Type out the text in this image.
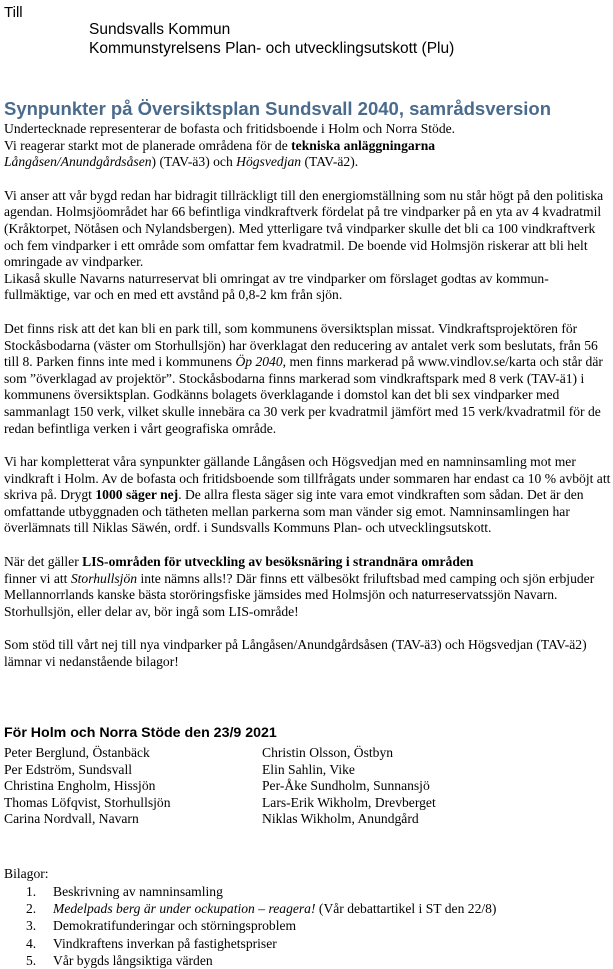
Till
Sundsvalls Kommun
Kommunstyrelsens Plan- och utvecklingsutskott (Plu)
Synpunkter på Översiktsplan Sundsvall 2040, samrådsversion

Undertecknade representerar de bofasta och fritidsboende i Holm och Norra Stöde.
Vi reagerar starkt mot de planerade områdena för de tekniska anläggningarna
Långåsen/Anundgårdsåsen) (TAV-ä3) och Högsvedjan (TAV-ä2).

Vi anser att vår bygd redan har bidragit tillräckligt till den energiomställning som nu står högt på den politiska agendan. Holmsjöområdet har 66 befintliga vindkraftverk fördelat på tre vindparker på en yta av 4 kvadratmil (Kråktorpet, Nötåsen och Nylandsbergen). Med ytterligare två vindparker skulle det bli ca 100 vindkraftverk och fem vindparker i ett område som omfattar fem kvadratmil. De boende vid Holmsjön riskerar att bli helt omringade av vindparker.
Likaså skulle Navarns naturreservat bli omringat av tre vindparker om förslaget godtas av kommun-fullmäktige, var och en med ett avstånd på 0,8-2 km från sjön.

Det finns risk att det kan bli en park till, som kommunens översiktsplan missat. Vindkraftsprojektören för Stockåsbodarna (väster om Storhullsjön) har överklagat den reducering av antalet verk som beslutats, från 56 till 8. Parken finns inte med i kommunens Öp 2040, men finns markerad på www.vindlov.se/karta och står där som ”överklagad av projektör”. Stockåsbodarna finns markerad som vindkraftspark med 8 verk (TAV-ä1) i kommunens översiktsplan. Godkänns bolagets överklagande i domstol kan det bli sex vindparker med sammanlagt 150 verk, vilket skulle innebära ca 30 verk per kvadratmil jämfört med 15 verk/kvadratmil för de redan befintliga verken i vårt geografiska område.

Vi har kompletterat våra synpunkter gällande Långåsen och Högsvedjan med en namninsamling mot mer vindkraft i Holm. Av de bofasta och fritidsboende som tillfrågats under sommaren har endast ca 10 % avböjt att skriva på. Drygt 1000 säger nej. De allra flesta säger sig inte vara emot vindkraften som sådan. Det är den omfattande utbyggnaden och tätheten mellan parkerna som man vänder sig emot. Namninsamlingen har överlämnats till Niklas Säwén, ordf. i Sundsvalls Kommuns Plan- och utvecklingsutskott.

När det gäller LIS-områden för utveckling av besöksnäring i strandnära områden
finner vi att Storhullsjön inte nämns alls!? Där finns ett välbesökt friluftsbad med camping och sjön erbjuder Mellannorrlands kanske bästa storöringsfiske jämsides med Holmsjön och naturreservatssjön Navarn. Storhullsjön, eller delar av, bör ingå som LIS-område!

Som stöd till vårt nej till nya vindparker på Långåsen/Anundgårdsåsen (TAV-ä3) och Högsvedjan (TAV-ä2) lämnar vi nedanstående bilagor!

För Holm och Norra Stöde den 23/9 2021
Peter Berglund, Östanbäck
Per Edström, Sundsvall
Christina Engholm, Hissjön
Thomas Löfqvist, Storhullsjön
Carina Nordvall, Navarn
Christin Olsson, Östbyn
Elin Sahlin, Vike
Per-Åke Sundholm, Sunnansjö
Lars-Erik Wikholm, Drevberget
Niklas Wikholm, Anundgård
Bilagor:
1. Beskrivning av namninsamling
2. Medelpads berg är under ockupation – reagera! (Vår debattartikel i ST den 22/8)
3. Demokratifunderingar och störningsproblem
4. Vindkraftens inverkan på fastighetspriser
5. Vår bygds långsiktiga värden
